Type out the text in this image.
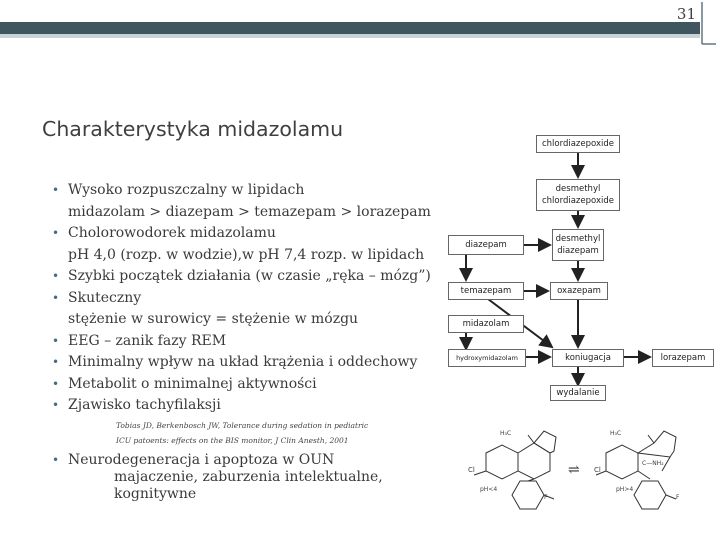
31
Charakterystyka midazolamu
• Wysoko rozpuszczalny w lipidach
midazolam > diazepam > temazepam > lorazepam
• Cholorowodorek midazolamu
pH 4,0 (rozp. w wodzie),w pH 7,4 rozp. w lipidach
• Szybki początek działania (w czasie „ręka – mózg”)
• Skuteczny
stężenie w surowicy = stężenie w mózgu
• EEG – zanik fazy REM
• Minimalny wpływ na układ krążenia i oddechowy
• Metabolit o minimalnej aktywności
• Zjawisko tachyfilaksji
Tobias JD, Berkenbosch JW, Tolerance during sedation in pediatric
ICU patoents: effects on the BIS monitor, J Clin Anesth, 2001
• Neurodegeneracja i apoptoza w OUN
majaczenie, zaburzenia intelektualne,
kognitywne
chlordiazepoxide
desmethyl
chlordiazepoxide
diazepam
desmethyl
diazepam
temazepam	oxazepam
midazolam
hydroxymidazolam	koniugacja	lorazepam
wydalanie
H₃C
Cl
pH<4
F
⇌
H₃C
C—NH₂
Cl
pH>4
F
